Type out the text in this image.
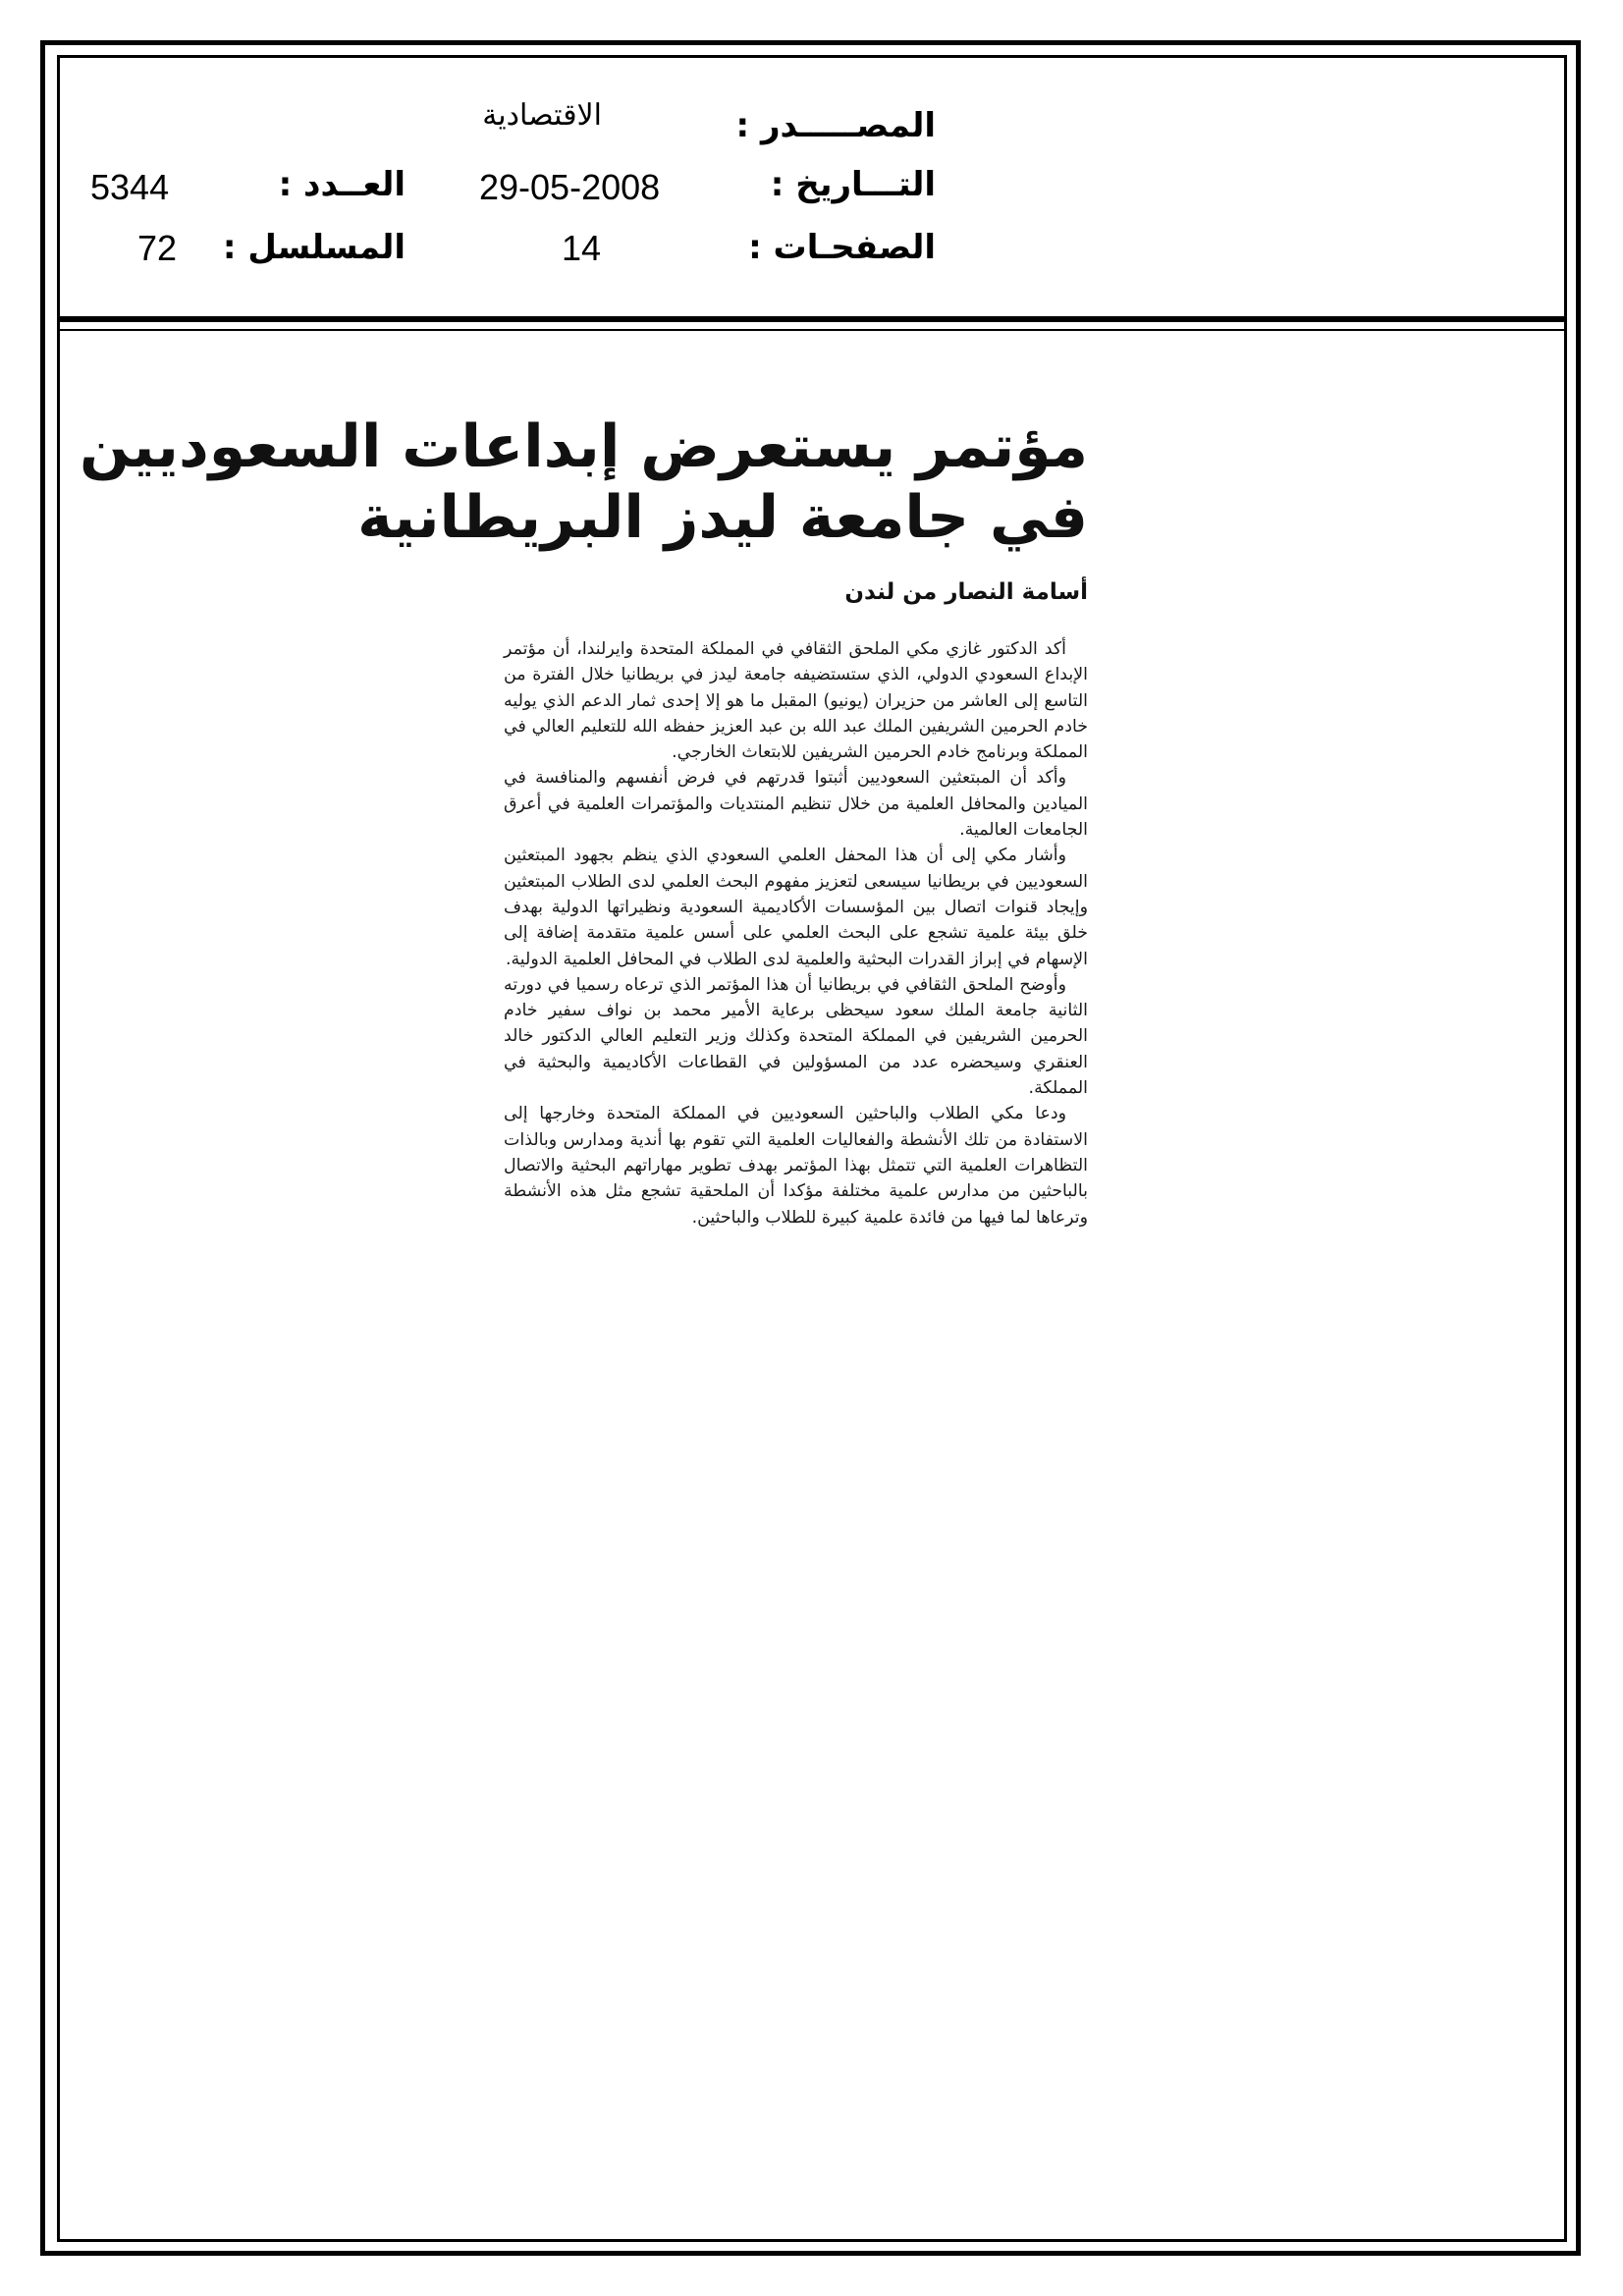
المصـــــدر :
الاقتصادية
التـــاريخ :
29-05-2008
العــدد :
5344
الصفحـات :
14
المسلسل :
72
مؤتمر يستعرض إبداعات السعوديين
في جامعة ليدز البريطانية
أسامة النصار من لندن

أكد الدكتور غازي مكي الملحق الثقافي في المملكة المتحدة وايرلندا، أن مؤتمر الإبداع السعودي الدولي، الذي ستستضيفه جامعة ليدز في بريطانيا خلال الفترة من التاسع إلى العاشر من حزيران (يونيو) المقبل ما هو إلا إحدى ثمار الدعم الذي يوليه خادم الحرمين الشريفين الملك عبد الله بن عبد العزيز حفظه الله للتعليم العالي في المملكة وبرنامج خادم الحرمين الشريفين للابتعاث الخارجي.

وأكد أن المبتعثين السعوديين أثبتوا قدرتهم في فرض أنفسهم والمنافسة في الميادين والمحافل العلمية من خلال تنظيم المنتديات والمؤتمرات العلمية في أعرق الجامعات العالمية.

وأشار مكي إلى أن هذا المحفل العلمي السعودي الذي ينظم بجهود المبتعثين السعوديين في بريطانيا سيسعى لتعزيز مفهوم البحث العلمي لدى الطلاب المبتعثين وإيجاد قنوات اتصال بين المؤسسات الأكاديمية السعودية ونظيراتها الدولية بهدف خلق بيئة علمية تشجع على البحث العلمي على أسس علمية متقدمة إضافة إلى الإسهام في إبراز القدرات البحثية والعلمية لدى الطلاب في المحافل العلمية الدولية.

وأوضح الملحق الثقافي في بريطانيا أن هذا المؤتمر الذي ترعاه رسميا في دورته الثانية جامعة الملك سعود سيحظى برعاية الأمير محمد بن نواف سفير خادم الحرمين الشريفين في المملكة المتحدة وكذلك وزير التعليم العالي الدكتور خالد العنقري وسيحضره عدد من المسؤولين في القطاعات الأكاديمية والبحثية في المملكة.

ودعا مكي الطلاب والباحثين السعوديين في المملكة المتحدة وخارجها إلى الاستفادة من تلك الأنشطة والفعاليات العلمية التي تقوم بها أندية ومدارس وبالذات التظاهرات العلمية التي تتمثل بهذا المؤتمر بهدف تطوير مهاراتهم البحثية والاتصال بالباحثين من مدارس علمية مختلفة مؤكدا أن الملحقية تشجع مثل هذه الأنشطة وترعاها لما فيها من فائدة علمية كبيرة للطلاب والباحثين.
